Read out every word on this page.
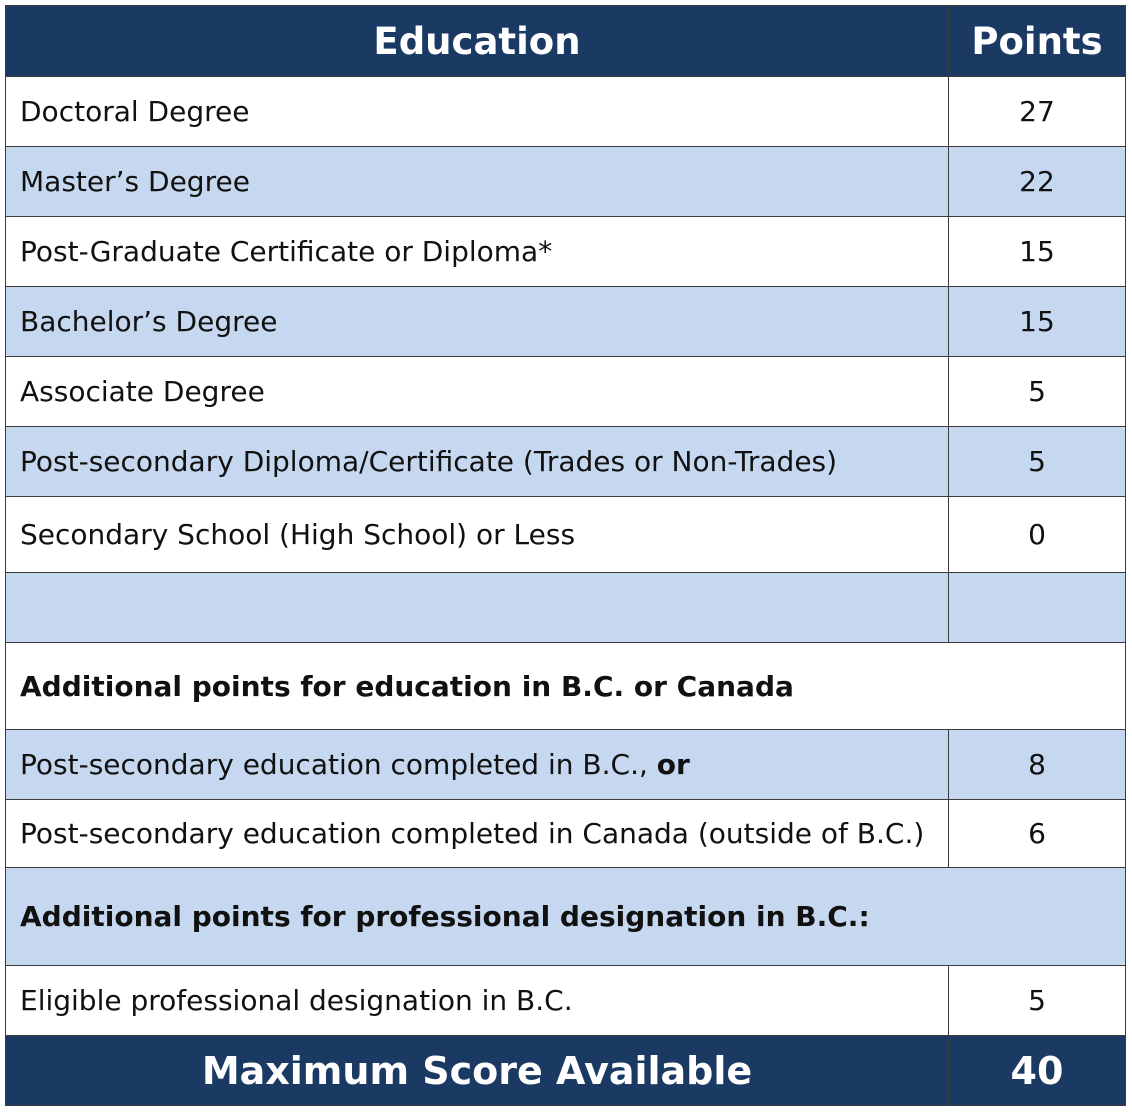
Education	Points
Doctoral Degree	27
Master’s Degree	22
Post-Graduate Certificate or Diploma*	15
Bachelor’s Degree	15
Associate Degree	5
Post-secondary Diploma/Certificate (Trades or Non-Trades)	5
Secondary School (High School) or Less	0

Additional points for education in B.C. or Canada	
Post-secondary education completed in B.C., or	8
Post-secondary education completed in Canada (outside of B.C.)	6
Additional points for professional designation in B.C.:	
Eligible professional designation in B.C.	5
Maximum Score Available	40
